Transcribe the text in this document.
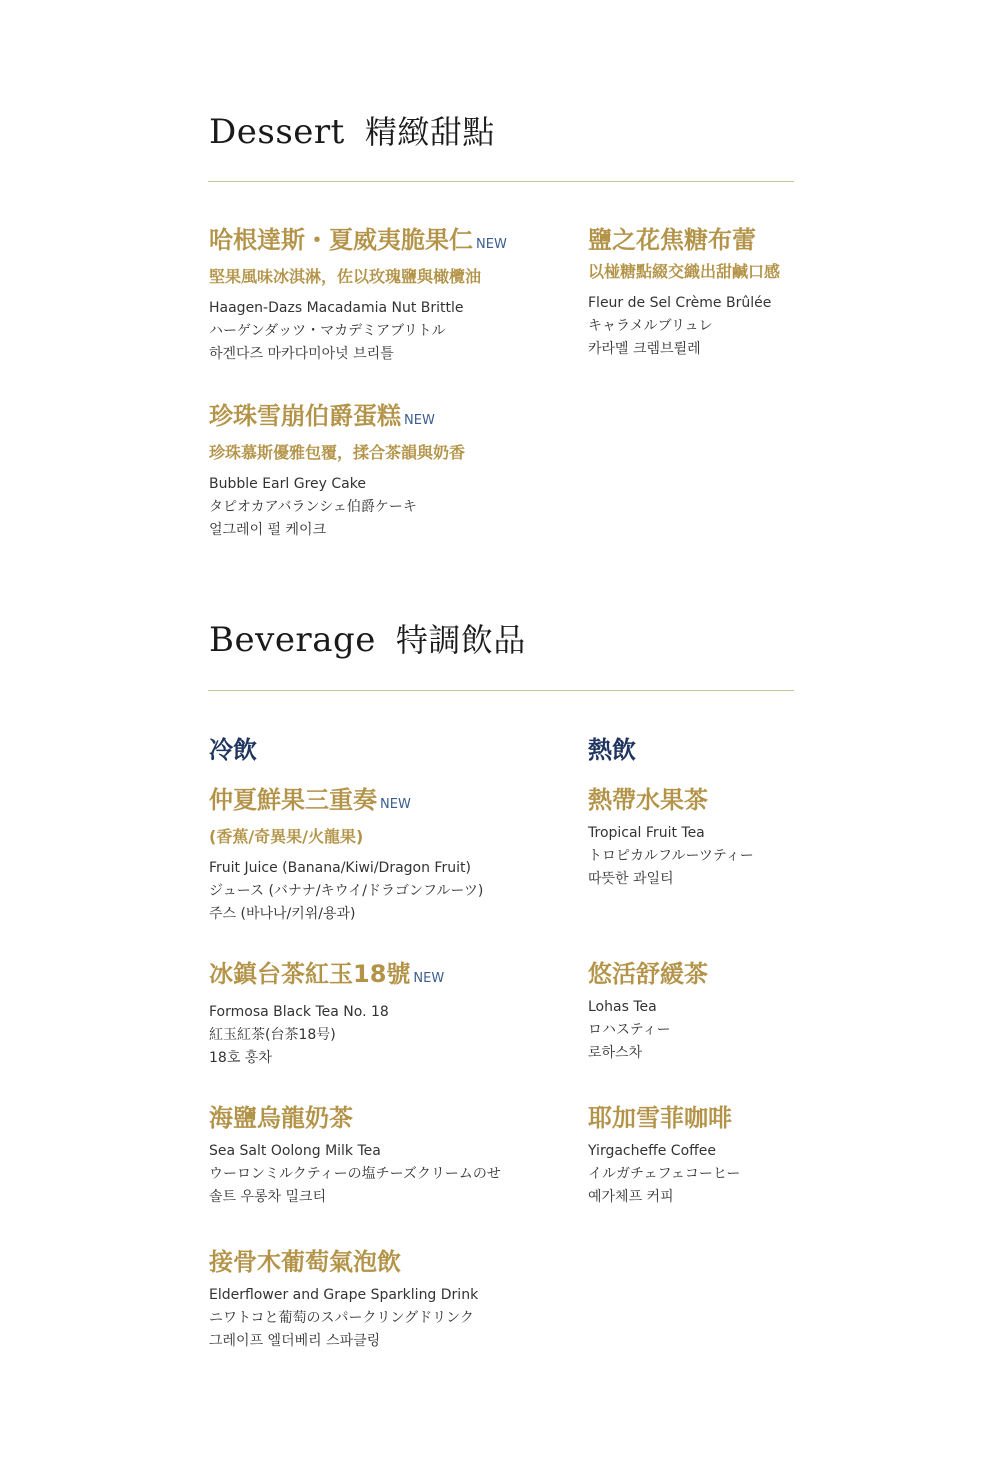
Dessert 精緻甜點
哈根達斯・夏威夷脆果仁 NEW
堅果風味冰淇淋，佐以玫瑰鹽與橄欖油
Haagen-Dazs Macadamia Nut Brittle
ハーゲンダッツ・マカデミアブリトル
하겐다즈 마카다미아넛 브리틀
鹽之花焦糖布蕾
以椪糖點綴交織出甜鹹口感
Fleur de Sel Crème Brûlée
キャラメルブリュレ
카라멜 크렘브륄레
珍珠雪崩伯爵蛋糕 NEW
珍珠慕斯優雅包覆，揉合茶韻與奶香
Bubble Earl Grey Cake
タピオカアバランシェ伯爵ケーキ
얼그레이 펄 케이크
Beverage 特調飲品
冷飲	熱飲
仲夏鮮果三重奏 NEW
(香蕉/奇異果/火龍果)
Fruit Juice (Banana/Kiwi/Dragon Fruit)
ジュース (バナナ/キウイ/ドラゴンフルーツ)
주스 (바나나/키위/용과)
冰鎮台茶紅玉18號 NEW
Formosa Black Tea No. 18
紅玉紅茶(台茶18号)
18호 홍차
海鹽烏龍奶茶
Sea Salt Oolong Milk Tea
ウーロンミルクティーの塩チーズクリームのせ
솔트 우롱차 밀크티
接骨木葡萄氣泡飲
Elderflower and Grape Sparkling Drink
ニワトコと葡萄のスパークリングドリンク
그레이프 엘더베리 스파클링
熱帶水果茶
Tropical Fruit Tea
トロピカルフルーツティー
따뜻한 과일티
悠活舒緩茶
Lohas Tea
ロハスティー
로하스차
耶加雪菲咖啡
Yirgacheffe Coffee
イルガチェフェコーヒー
예가체프 커피
